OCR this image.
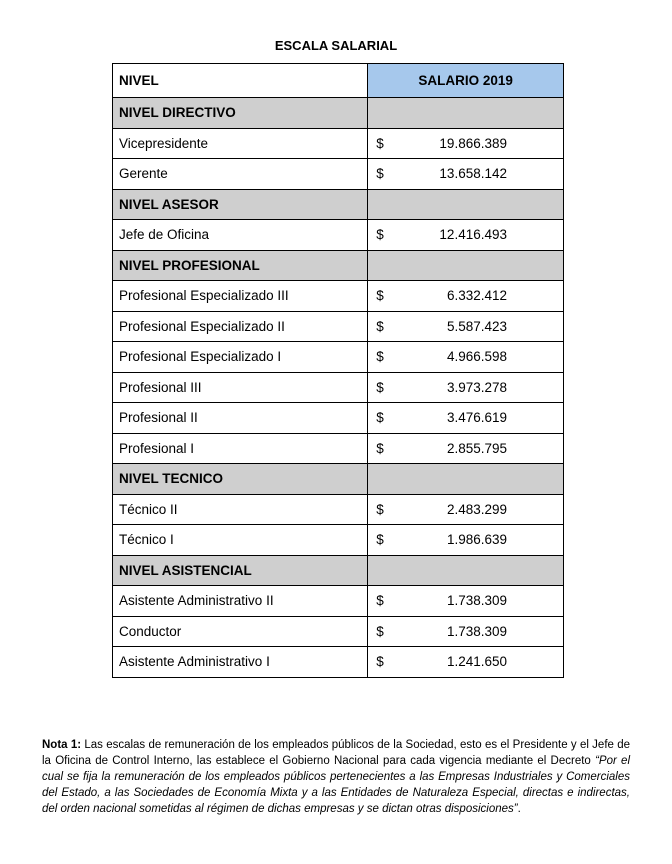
ESCALA SALARIAL
NIVEL	SALARIO 2019
NIVEL DIRECTIVO	
Vicepresidente	$ 19.866.389

Gerente	$ 13.658.142

NIVEL ASESOR	
Jefe de Oficina	$ 12.416.493

NIVEL PROFESIONAL	
Profesional Especializado III	$ 6.332.412

Profesional Especializado II	$ 5.587.423

Profesional Especializado I	$ 4.966.598

Profesional III	$ 3.973.278

Profesional II	$ 3.476.619

Profesional I	$ 2.855.795

NIVEL TECNICO	
Técnico II	$ 2.483.299

Técnico I	$ 1.986.639

NIVEL ASISTENCIAL	
Asistente Administrativo II	$ 1.738.309

Conductor	$ 1.738.309

Asistente Administrativo I	$ 1.241.650
Nota 1: Las escalas de remuneración de los empleados públicos de la Sociedad, esto es el Presidente y el Jefe de la Oficina de Control Interno, las establece el Gobierno Nacional para cada vigencia mediante el Decreto “Por el cual se fija la remuneración de los empleados públicos pertenecientes a las Empresas Industriales y Comerciales del Estado, a las Sociedades de Economía Mixta y a las Entidades de Naturaleza Especial, directas e indirectas, del orden nacional sometidas al régimen de dichas empresas y se dictan otras disposiciones”.
